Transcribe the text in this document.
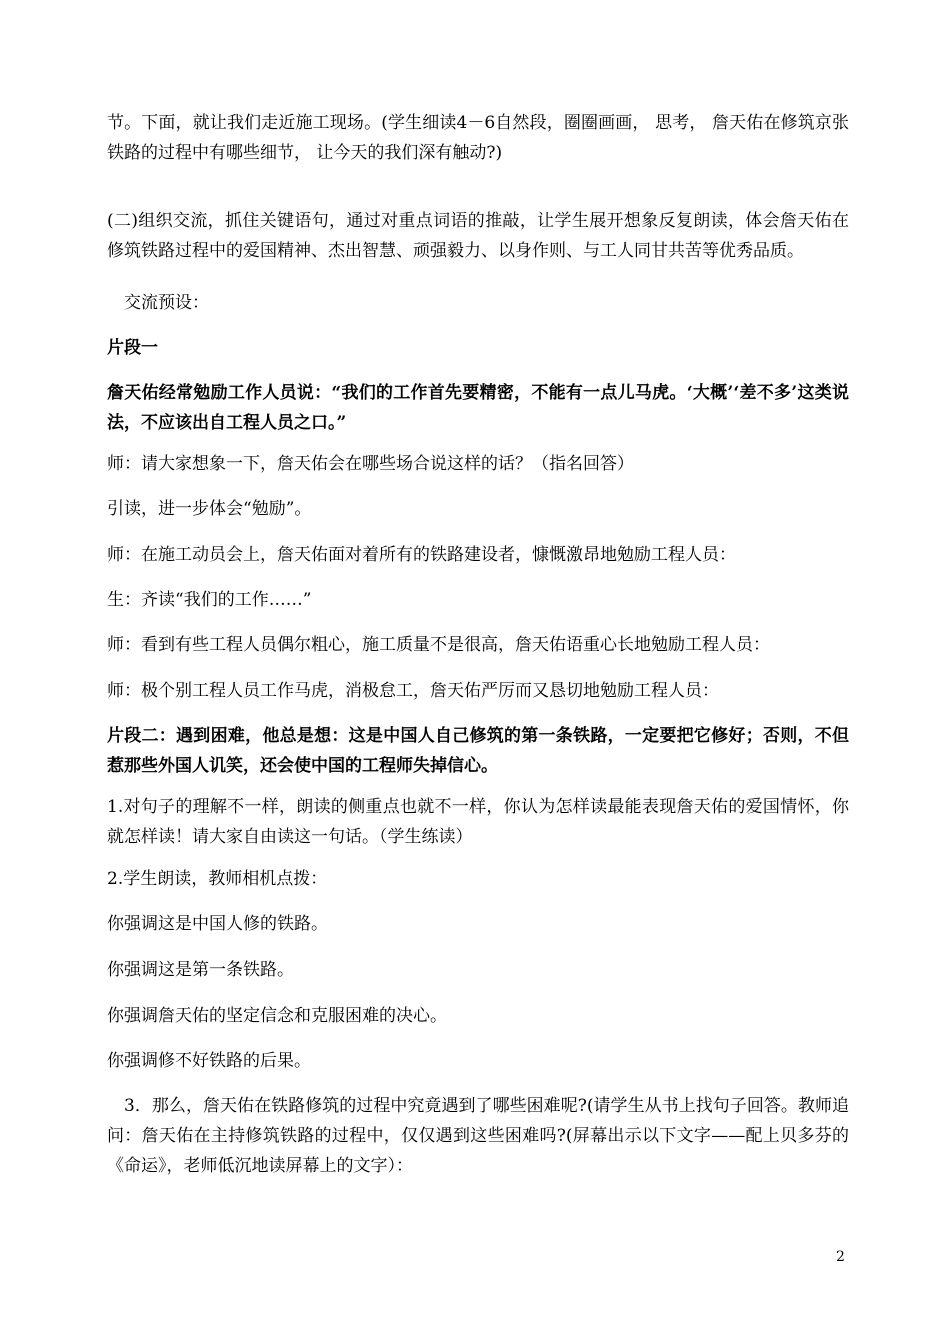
节。下面，就让我们走近施工现场。(学生细读4－6自然段，圈圈画画， 思考， 詹天佑在修筑京张铁路的过程中有哪些细节， 让今天的我们深有触动?)

(二)组织交流，抓住关键语句，通过对重点词语的推敲，让学生展开想象反复朗读，体会詹天佑在修筑铁路过程中的爱国精神、杰出智慧、顽强毅力、以身作则、与工人同甘共苦等优秀品质。

交流预设：

片段一

詹天佑经常勉励工作人员说：“我们的工作首先要精密，不能有一点儿马虎。‘大概’‘差不多’这类说法，不应该出自工程人员之口。”

师：请大家想象一下，詹天佑会在哪些场合说这样的话？（指名回答）

引读，进一步体会“勉励”。

师：在施工动员会上，詹天佑面对着所有的铁路建设者，慷慨激昂地勉励工程人员：

生：齐读“我们的工作……”

师：看到有些工程人员偶尔粗心，施工质量不是很高，詹天佑语重心长地勉励工程人员：

师：极个别工程人员工作马虎，消极怠工，詹天佑严厉而又恳切地勉励工程人员：

片段二：遇到困难，他总是想：这是中国人自己修筑的第一条铁路，一定要把它修好；否则，不但惹那些外国人讥笑，还会使中国的工程师失掉信心。

1.对句子的理解不一样，朗读的侧重点也就不一样，你认为怎样读最能表现詹天佑的爱国情怀，你就怎样读！请大家自由读这一句话。（学生练读）

2.学生朗读，教师相机点拨：

你强调这是中国人修的铁路。

你强调这是第一条铁路。

你强调詹天佑的坚定信念和克服困难的决心。

你强调修不好铁路的后果。

3．那么，詹天佑在铁路修筑的过程中究竟遇到了哪些困难呢?(请学生从书上找句子回答。教师追问：詹天佑在主持修筑铁路的过程中，仅仅遇到这些困难吗?(屏幕出示以下文字——配上贝多芬的《命运》，老师低沉地读屏幕上的文字）：

2
